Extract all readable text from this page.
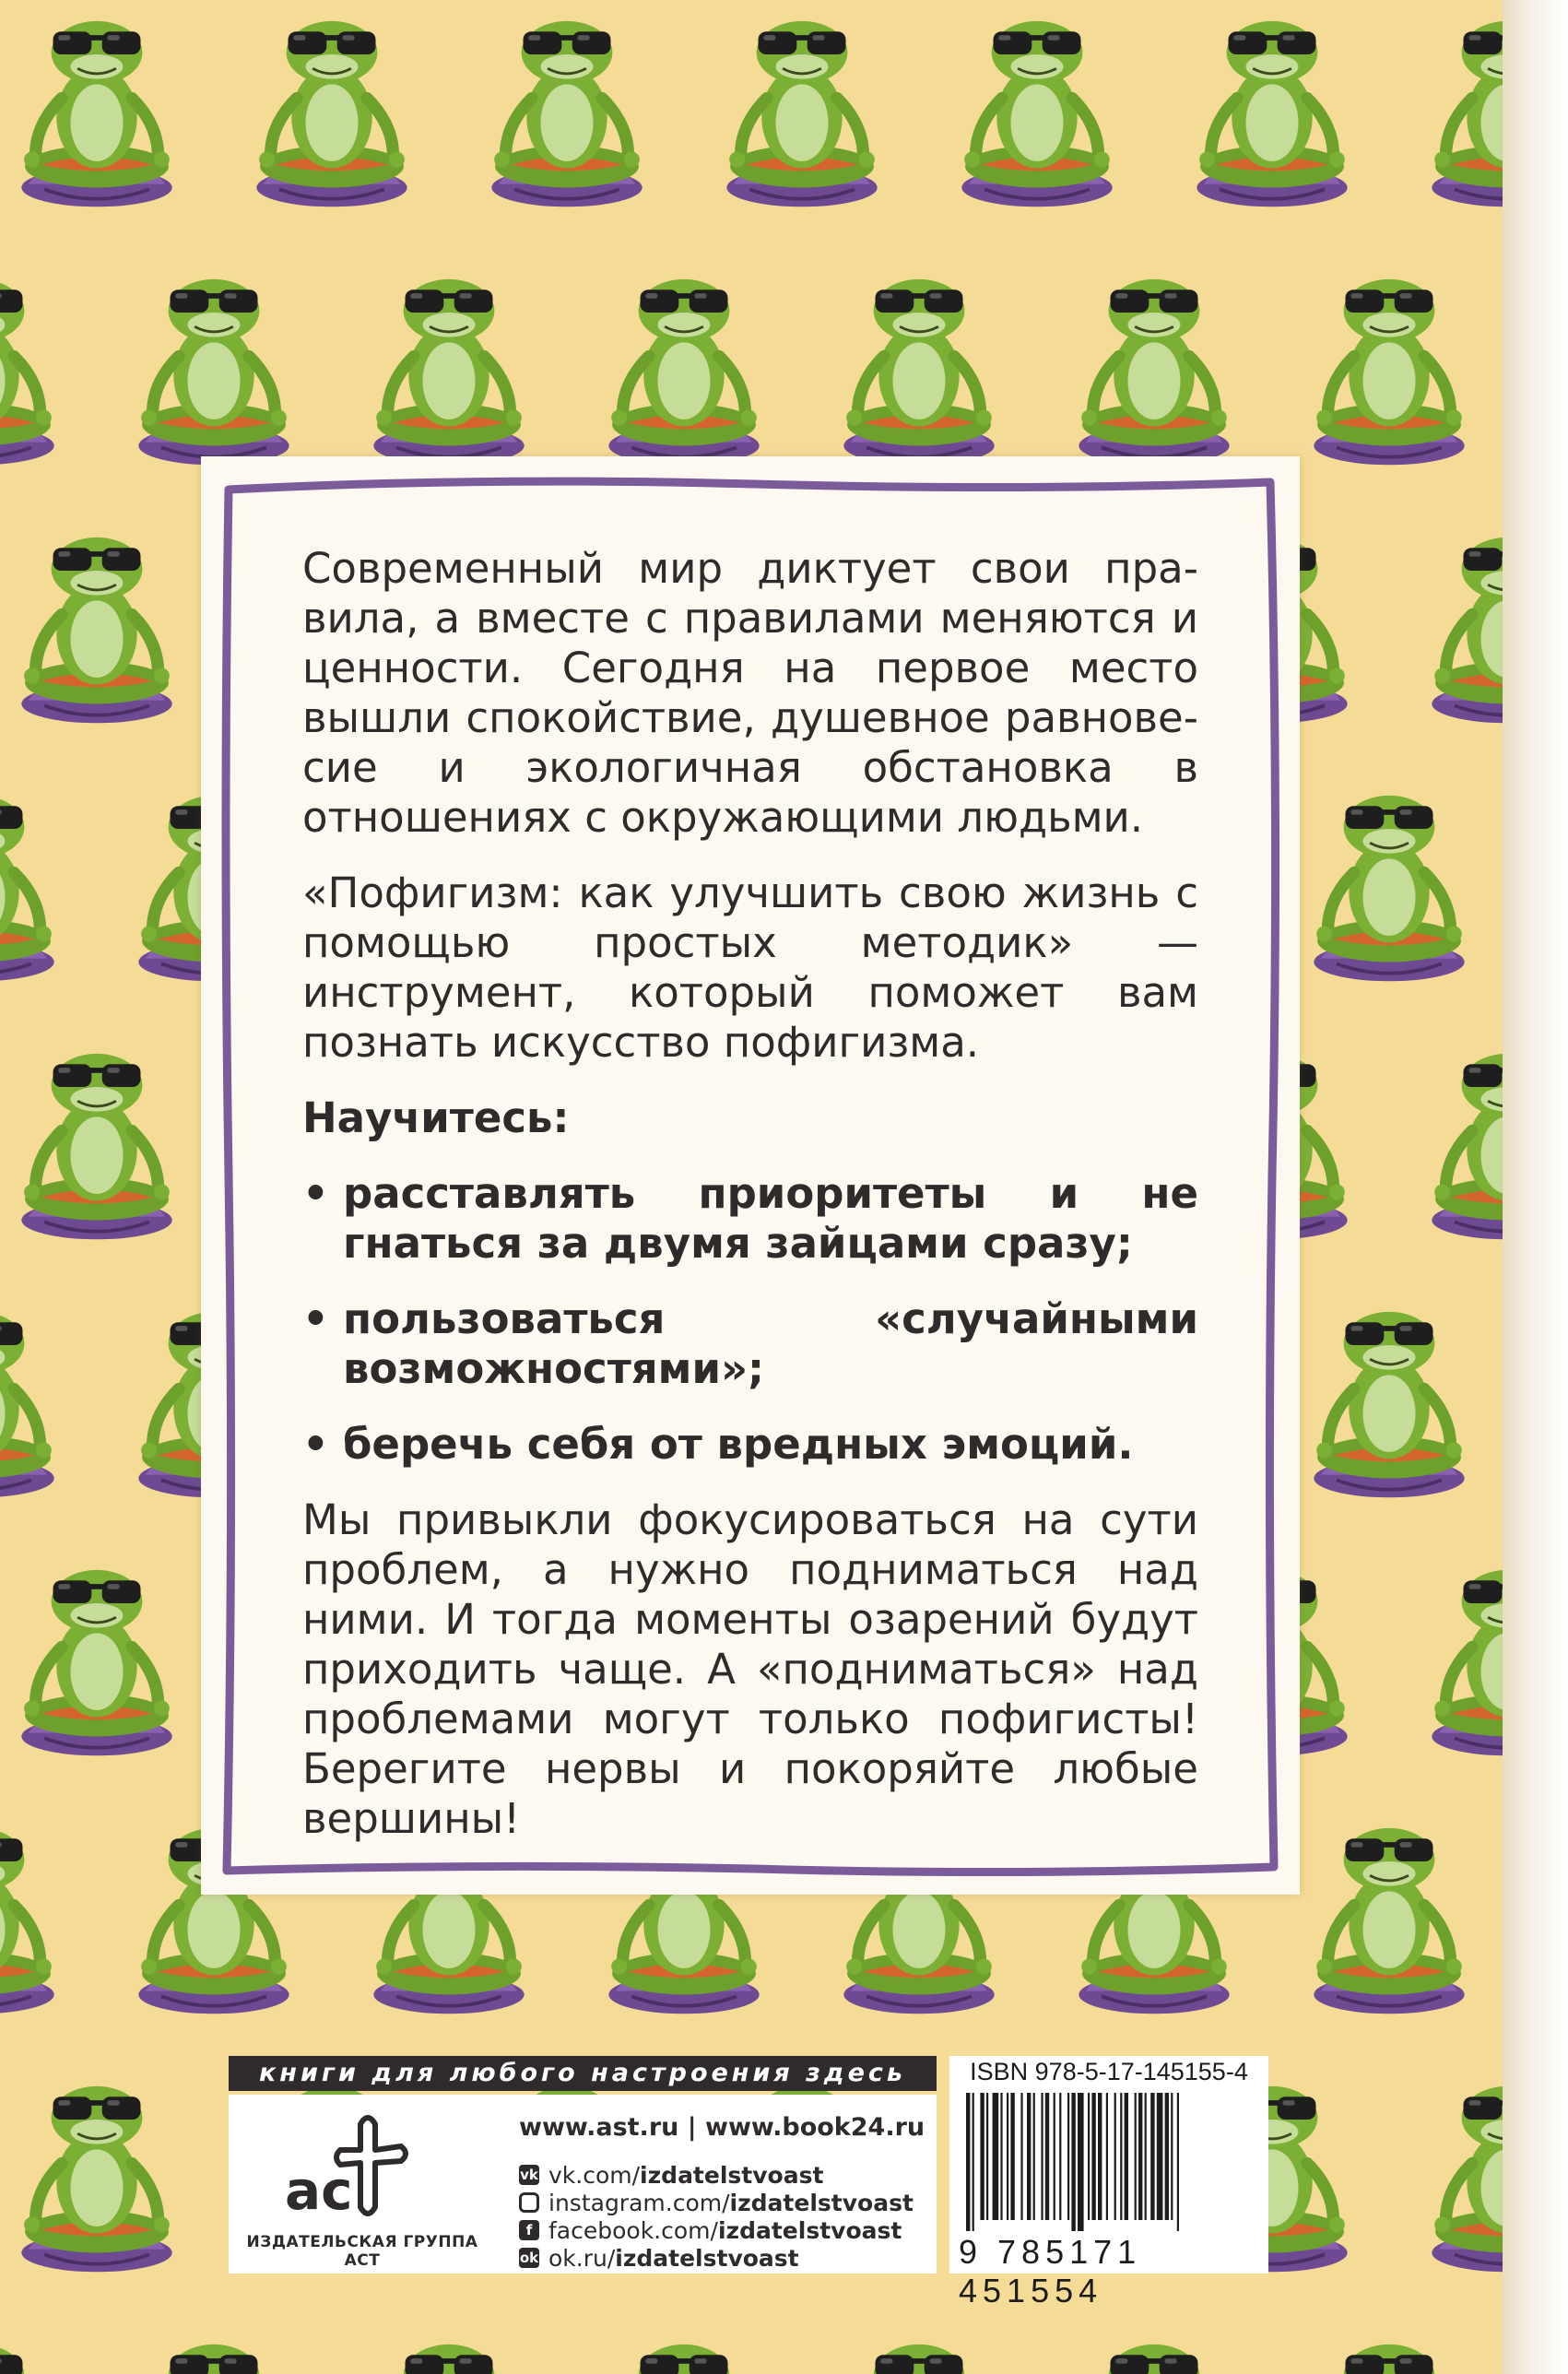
Современный мир диктует свои правила, а вместе с правилами меняются и ценности. Сегодня на первое место вышли спокойствие, душевное равновесие и экологичная обстановка в отношениях с окружающими людьми.

«Пофигизм: как улучшить свою жизнь с помощью простых методик» — инструмент, который поможет вам познать искусство пофигизма.

Научитесь:

• расставлять приоритеты и не гнаться за двумя зайцами сразу;
• пользоваться «случайными возможностями»;
• беречь себя от вредных эмоций.

Мы привыкли фокусироваться на сути проблем, а нужно подниматься над ними. И тогда моменты озарений будут приходить чаще. А «подниматься» над проблемами могут только пофигисты! Берегите нервы и покоряйте любые вершины!

книги для любого настроения здесь
ac
ИЗДАТЕЛЬСКАЯ ГРУППА АСТ
www.ast.ru | www.book24.ru
vk vk.com/ izdatelstvoast
instagram.com/ izdatelstvoast
f facebook.com/ izdatelstvoast
ok ok.ru/ izdatelstvoast
ISBN 978-5-17-145155-4
9 785171 451554
